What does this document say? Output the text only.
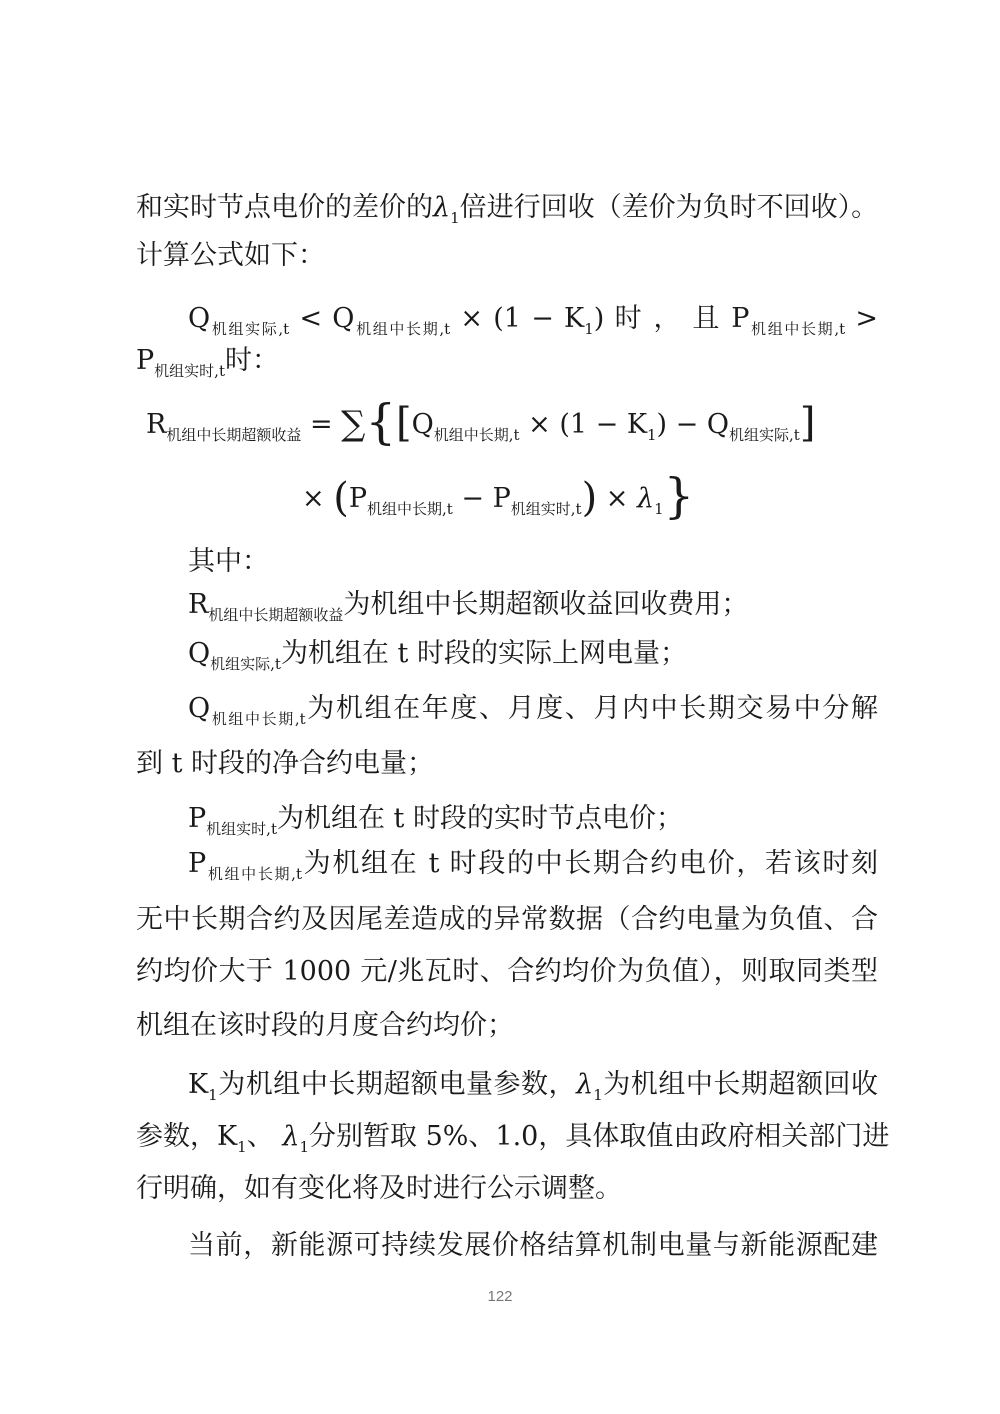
和实时节点电价的差价的$\lambda_1$倍进行回收（差价为负时不回收）。
计算公式如下：
$Q_{机组实际,t} < Q_{机组中长期,t} \times (1 - K_1)$ 时 ， 且 $P_{机组中长期,t}$ >
$P_{机组实时,t}$时：
$R_{机组中长期超额收益} = \sum\{[Q_{机组中长期,t} \times (1 - K_1) - Q_{机组实际,t}]$
× $(P_{机组中长期,t} - P_{机组实时,t}) \times \lambda_1$}
其中：
$R_{机组中长期超额收益}$为机组中长期超额收益回收费用；
$Q_{机组实际,t}$为机组在 t 时段的实际上网电量；
$Q_{机组中长期,t}$为机组在年度、月度、月内中长期交易中分解
到 t 时段的净合约电量；
$P_{机组实时,t}$为机组在 t 时段的实时节点电价；
$P_{机组中长期,t}$为机组在 t 时段的中长期合约电价，若该时刻
无中长期合约及因尾差造成的异常数据（合约电量为负值、合
约均价大于 1000 元/兆瓦时、合约均价为负值），则取同类型
机组在该时段的月度合约均价；
$K_1$为机组中长期超额电量参数，$\lambda_1$为机组中长期超额回收
参数，$K_1$、 $\lambda_1$分别暂取 5%、1.0，具体取值由政府相关部门进
行明确，如有变化将及时进行公示调整。
当前，新能源可持续发展价格结算机制电量与新能源配建
122
